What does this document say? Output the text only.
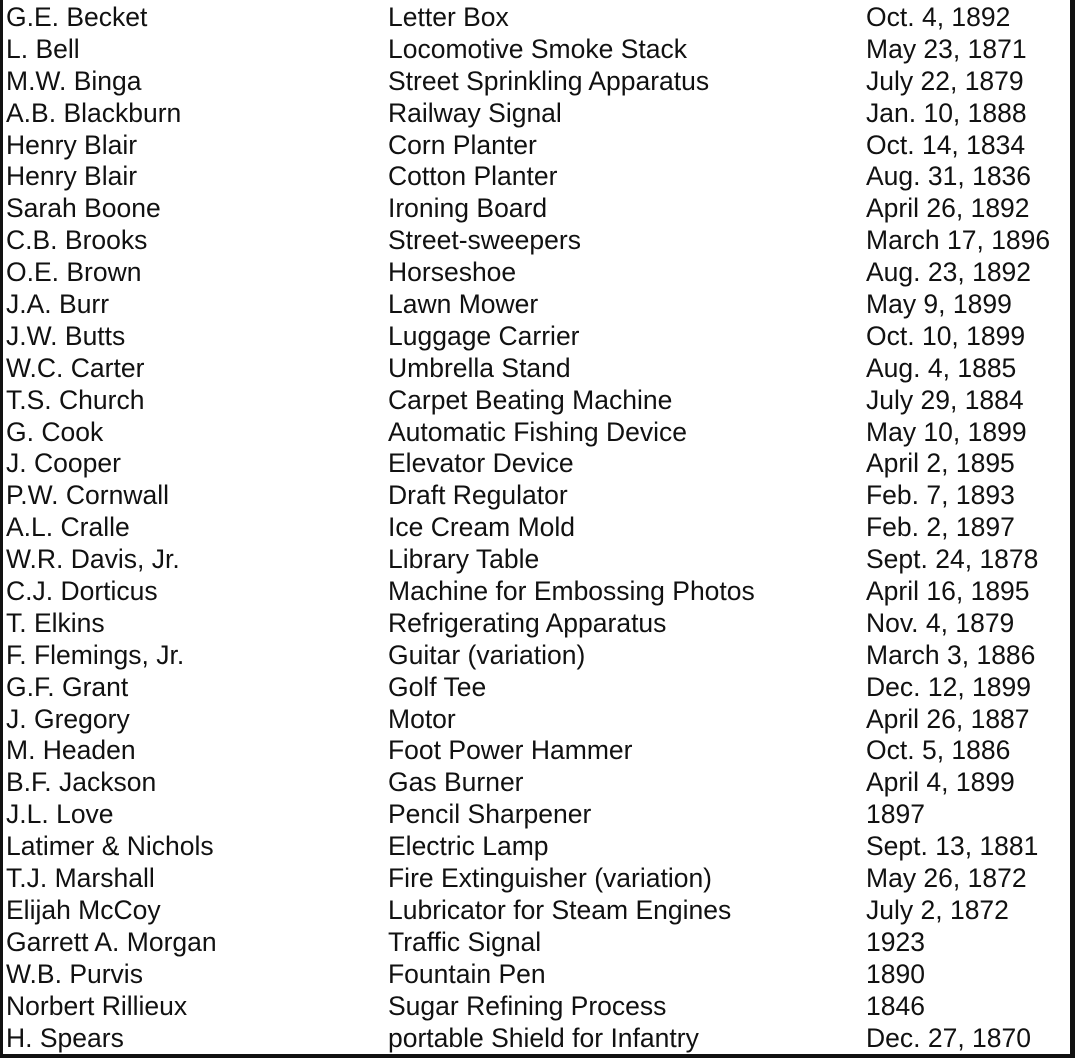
G.E. Becket	Letter Box	Oct. 4, 1892
L. Bell	Locomotive Smoke Stack	May 23, 1871
M.W. Binga	Street Sprinkling Apparatus	July 22, 1879
A.B. Blackburn	Railway Signal	Jan. 10, 1888
Henry Blair	Corn Planter	Oct. 14, 1834
Henry Blair	Cotton Planter	Aug. 31, 1836
Sarah Boone	Ironing Board	April 26, 1892
C.B. Brooks	Street-sweepers	March 17, 1896
O.E. Brown	Horseshoe	Aug. 23, 1892
J.A. Burr	Lawn Mower	May 9, 1899
J.W. Butts	Luggage Carrier	Oct. 10, 1899
W.C. Carter	Umbrella Stand	Aug. 4, 1885
T.S. Church	Carpet Beating Machine	July 29, 1884
G. Cook	Automatic Fishing Device	May 10, 1899
J. Cooper	Elevator Device	April 2, 1895
P.W. Cornwall	Draft Regulator	Feb. 7, 1893
A.L. Cralle	Ice Cream Mold	Feb. 2, 1897
W.R. Davis, Jr.	Library Table	Sept. 24, 1878
C.J. Dorticus	Machine for Embossing Photos	April 16, 1895
T. Elkins	Refrigerating Apparatus	Nov. 4, 1879
F. Flemings, Jr.	Guitar (variation)	March 3, 1886
G.F. Grant	Golf Tee	Dec. 12, 1899
J. Gregory	Motor	April 26, 1887
M. Headen	Foot Power Hammer	Oct. 5, 1886
B.F. Jackson	Gas Burner	April 4, 1899
J.L. Love	Pencil Sharpener	1897
Latimer & Nichols	Electric Lamp	Sept. 13, 1881
T.J. Marshall	Fire Extinguisher (variation)	May 26, 1872
Elijah McCoy	Lubricator for Steam Engines	July 2, 1872
Garrett A. Morgan	Traffic Signal	1923
W.B. Purvis	Fountain Pen	1890
Norbert Rillieux	Sugar Refining Process	1846
H. Spears	portable Shield for Infantry	Dec. 27, 1870
